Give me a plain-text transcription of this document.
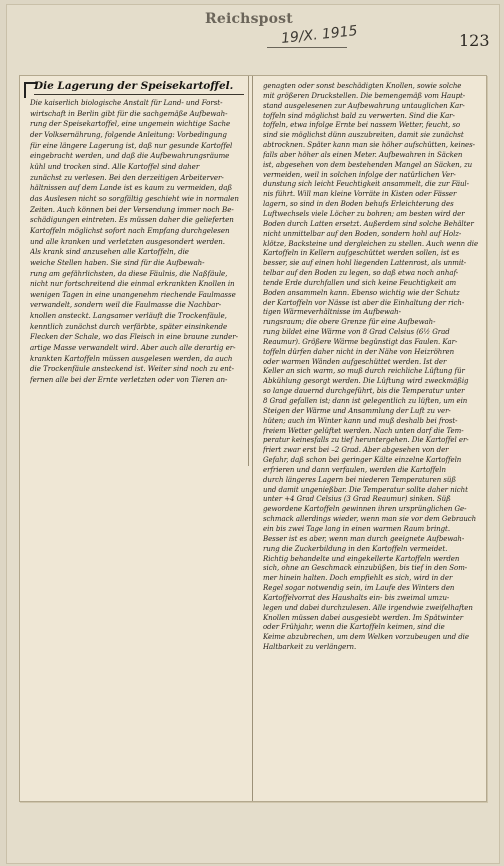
Reichspost
19/X. 1915	123
Die Lagerung der Speisekartoffel.
Die kaiserlich biologische Anstalt für Land- und Forst-
wirtschaft in Berlin gibt für die sachgemäße Aufbewah-
rung der Speisekartoffel, eine ungemein wichtige Sache
der Volksernährung, folgende Anleitung: Vorbedingung
für eine längere Lagerung ist, daß nur gesunde Kartoffel
eingebracht werden, und daß die Aufbewahrungsräume
kühl und trocken sind. Alle Kartoffel sind daher
zunächst zu verlesen. Bei den derzeitigen Arbeiterver-
hältnissen auf dem Lande ist es kaum zu vermeiden, daß
das Auslesen nicht so sorgfältig geschieht wie in normalen
Zeiten. Auch können bei der Versendung immer noch Be-
schädigungen eintreten. Es müssen daher die gelieferten
Kartoffeln möglichst sofort nach Empfang durchgelesen
und alle kranken und verletzten ausgesondert werden.
Als krank sind anzusehen alle Kartoffeln, die
weiche Stellen haben. Sie sind für die Aufbewah-
rung am gefährlichsten, da diese Fäulnis, die Naßfäule,
nicht nur fortschreitend die einmal erkrankten Knollen in
wenigen Tagen in eine unangenehm riechende Faulmasse
verwandelt, sondern weil die Faulmasse die Nachbar-
knollen ansteckt. Langsamer verläuft die Trockenfäule,
kenntlich zunächst durch verfärbte, später einsinkende
Flecken der Schale, wo das Fleisch in eine braune zunder-
artige Masse verwandelt wird. Aber auch alle derartig er-
krankten Kartoffeln müssen ausgelesen werden, da auch
die Trockenfäule ansteckend ist. Weiter sind noch zu ent-
fernen alle bei der Ernte verletzten oder von Tieren an-
genagten oder sonst beschädigten Knollen, sowie solche
mit größeren Druckstellen. Die bemengemäß vom Haupt-
stand ausgelesenen zur Aufbewahrung untauglichen Kar-
toffeln sind möglichst bald zu verwerten. Sind die Kar-
toffeln, etwa infolge Ernte bei nassem Wetter, feucht, so
sind sie möglichst dünn auszubreiten, damit sie zunächst
abtrocknen. Später kann man sie höher aufschütten, keines-
falls aber höher als einen Meter. Aufbewahren in Säcken
ist, abgesehen von dem bestehenden Mangel an Säcken, zu
vermeiden, weil in solchen infolge der natürlichen Ver-
dunstung sich leicht Feuchtigkeit ansammelt, die zur Fäul-
nis führt. Will man kleine Vorräte in Kisten oder Fässer
lagern, so sind in den Boden behufs Erleichterung des
Luftwechsels viele Löcher zu bohren; am besten wird der
Boden durch Latten ersetzt. Außerdem sind solche Behälter
nicht unmittelbar auf den Boden, sondern hohl auf Holz-
klötze, Backsteine und dergleichen zu stellen. Auch wenn die
Kartoffeln in Kellern aufgeschüttet werden sollen, ist es
besser, sie auf einen hohl liegenden Lattenrost, als unmit-
telbar auf den Boden zu legen, so daß etwa noch anhaf-
tende Erde durchfallen und sich keine Feuchtigkeit am
Boden ansammeln kann. Ebenso wichtig wie der Schutz
der Kartoffeln vor Nässe ist aber die Einhaltung der rich-
tigen Wärmeverhältnisse im Aufbewah-
rungsraum; die obere Grenze für eine Aufbewah-
rung bildet eine Wärme von 8 Grad Celsius (6½ Grad
Reaumur). Größere Wärme begünstigt das Faulen. Kar-
toffeln dürfen daher nicht in der Nähe von Heizröhren
oder warmen Wänden aufgeschüttet werden. Ist der
Keller an sich warm, so muß durch reichliche Lüftung für
Abkühlung gesorgt werden. Die Lüftung wird zweckmäßig
so lange dauernd durchgeführt, bis die Temperatur unter
8 Grad gefallen ist; dann ist gelegentlich zu lüften, um ein
Steigen der Wärme und Ansammlung der Luft zu ver-
hüten; auch im Winter kann und muß deshalb bei frost-
freiem Wetter gelüftet werden. Nach unten darf die Tem-
peratur keinesfalls zu tief heruntergehen. Die Kartoffel er-
friert zwar erst bei –2 Grad. Aber abgesehen von der
Gefahr, daß schon bei geringer Kälte einzelne Kartoffeln
erfrieren und dann verfaulen, werden die Kartoffeln
durch längeres Lagern bei niederen Temperaturen süß
und damit ungenießbar. Die Temperatur sollte daher nicht
unter +4 Grad Celsius (3 Grad Reaumur) sinken. Süß
gewordene Kartoffeln gewinnen ihren ursprünglichen Ge-
schmack allerdings wieder, wenn man sie vor dem Gebrauch
ein bis zwei Tage lang in einen warmen Raum bringt.
Besser ist es aber, wenn man durch geeignete Aufbewah-
rung die Zuckerbildung in den Kartoffeln vermeidet.
Richtig behandelte und eingekellerte Kartoffeln werden
sich, ohne an Geschmack einzubüßen, bis tief in den Som-
mer hinein halten. Doch empfiehlt es sich, wird in der
Regel sogar notwendig sein, im Laufe des Winters den
Kartoffelvorrat des Haushalts ein- bis zweimal umzu-
legen und dabei durchzulesen. Alle irgendwie zweifelhaften
Knollen müssen dabei ausgesiebt werden. Im Spätwinter
oder Frühjahr, wenn die Kartoffeln keimen, sind die
Keime abzubrechen, um dem Welken vorzubeugen und die
Haltbarkeit zu verlängern.
